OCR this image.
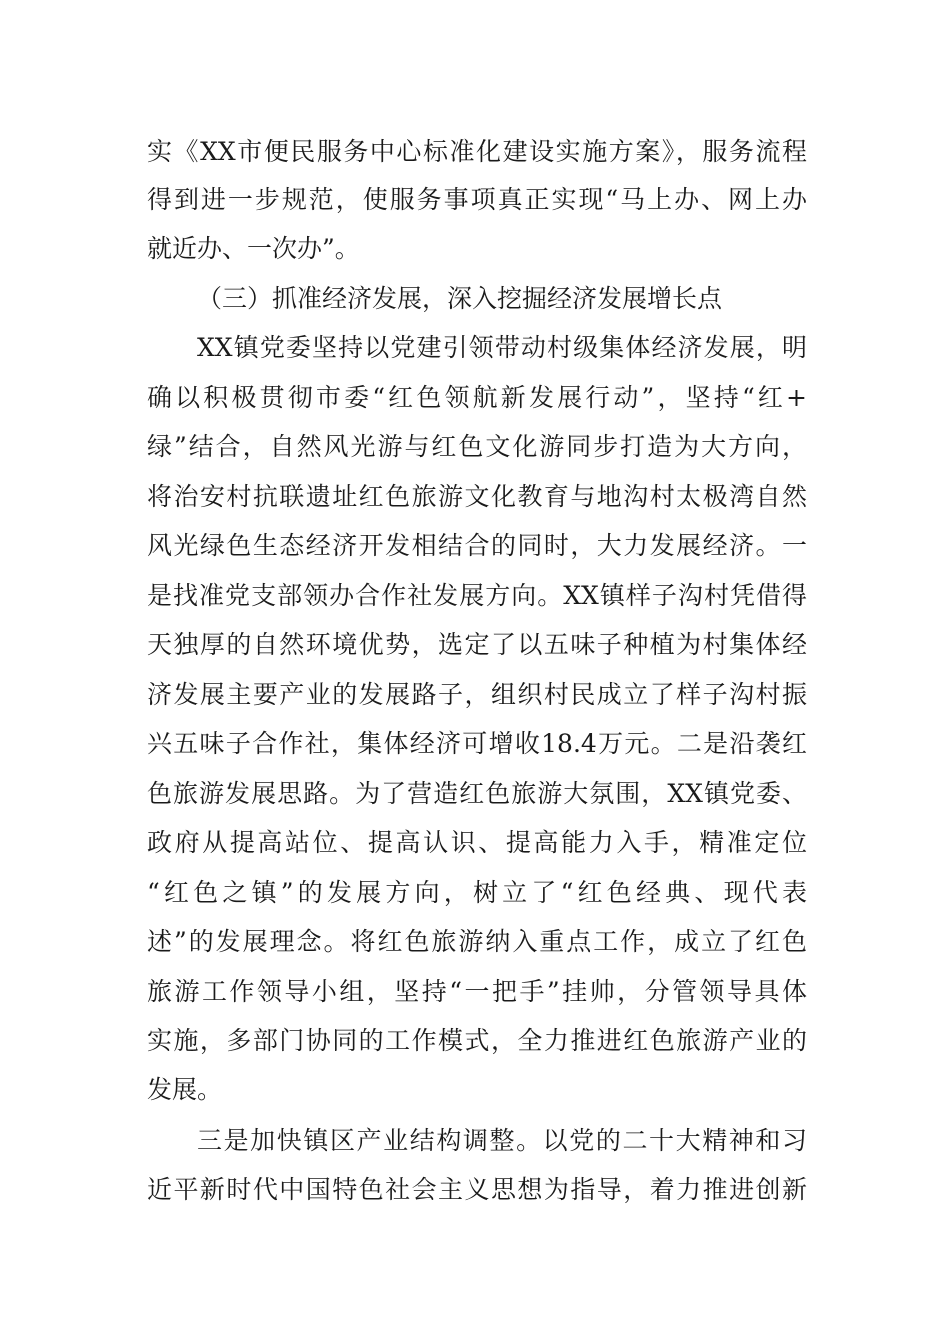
实《XX市便民服务中心标准化建设实施方案》，服务流程
得到进一步规范，使服务事项真正实现“马上办、网上办
就近办、一次办”。
（三）抓准经济发展，深入挖掘经济发展增长点
XX镇党委坚持以党建引领带动村级集体经济发展，明
确以积极贯彻市委“红色领航新发展行动”，坚持“红+
绿”结合，自然风光游与红色文化游同步打造为大方向，
将治安村抗联遗址红色旅游文化教育与地沟村太极湾自然
风光绿色生态经济开发相结合的同时，大力发展经济。一
是找准党支部领办合作社发展方向。XX镇样子沟村凭借得
天独厚的自然环境优势，选定了以五味子种植为村集体经
济发展主要产业的发展路子，组织村民成立了样子沟村振
兴五味子合作社，集体经济可增收18.4万元。二是沿袭红
色旅游发展思路。为了营造红色旅游大氛围，XX镇党委、
政府从提高站位、提高认识、提高能力入手，精准定位
“红色之镇”的发展方向，树立了“红色经典、现代表
述”的发展理念。将红色旅游纳入重点工作，成立了红色
旅游工作领导小组，坚持“一把手”挂帅，分管领导具体
实施，多部门协同的工作模式，全力推进红色旅游产业的
发展。
三是加快镇区产业结构调整。以党的二十大精神和习
近平新时代中国特色社会主义思想为指导，着力推进创新
